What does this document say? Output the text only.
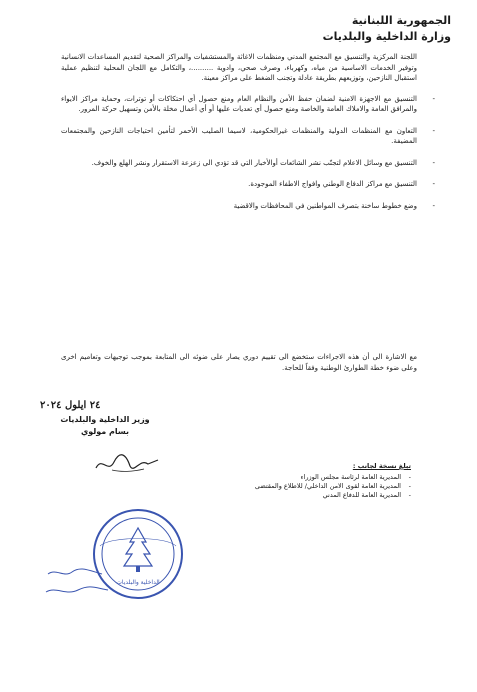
الجمهورية اللبنانية
وزارة الداخلية والبلديات

اللجنة المركزية والتنسيق مع المجتمع المدني ومنظمات الاغاثة والمستشفيات والمراكز الصحية لتقديم المساعدات الانسانية وتوفير الخدمات الاساسية من مياه، وكهرباء، وصرف صحي، وادوية ..........، والتكامل مع اللجان المحلية لتنظيم عملية استقبال النازحين، وتوزيعهم بطريقة عادلة وتجنب الضغط على مراكز معينة.

-
التنسيق مع الاجهزة الامنية لضمان حفظ الأمن والنظام العام ومنع حصول أي احتكاكات أو توترات، وحماية مراكز الايواء والمرافق العامة والاملاك العامة والخاصة ومنع حصول أي تعديات عليها أو أي أعمال مخلة بالأمن وتسهيل حركة المرور.
-
التعاون مع المنظمات الدولية والمنظمات غيرالحكومية، لاسيما الصليب الأحمر لتأمين احتياجات النازحين والمجتمعات المضيفة.
-
التنسيق مع وسائل الاعلام لتجنّب نشر الشائعات أوالأخبار التي قد تؤدي الى زعزعة الاستقرار ونشر الهلع والخوف.
-
التنسيق مع مراكز الدفاع الوطني وافواج الاطفاء الموجودة.
-
وضع خطوط ساخنة بتصرف المواطنين في المحافظات والاقضية

مع الاشارة الى أن هذه الاجراءات ستخضع الى تقييم دوري يصار على ضوئه الى المتابعة بموجب توجيهات وتعاميم اخرى وعلى ضوء خطة الطوارئ الوطنية وفقاً للحاجة.

٢٤ ايلول ٢٠٢٤
وزير الداخلية والبلديات
بسام مولوي
تبلغ نسخة لجانب :
-
المديرية العامة لرئاسة مجلس الوزراء
-
المديرية العامة لقوى الامن الداخلي/ للاطلاع والمقتضى
-
المديرية العامة للدفاع المدني
الداخلية والبلديات
